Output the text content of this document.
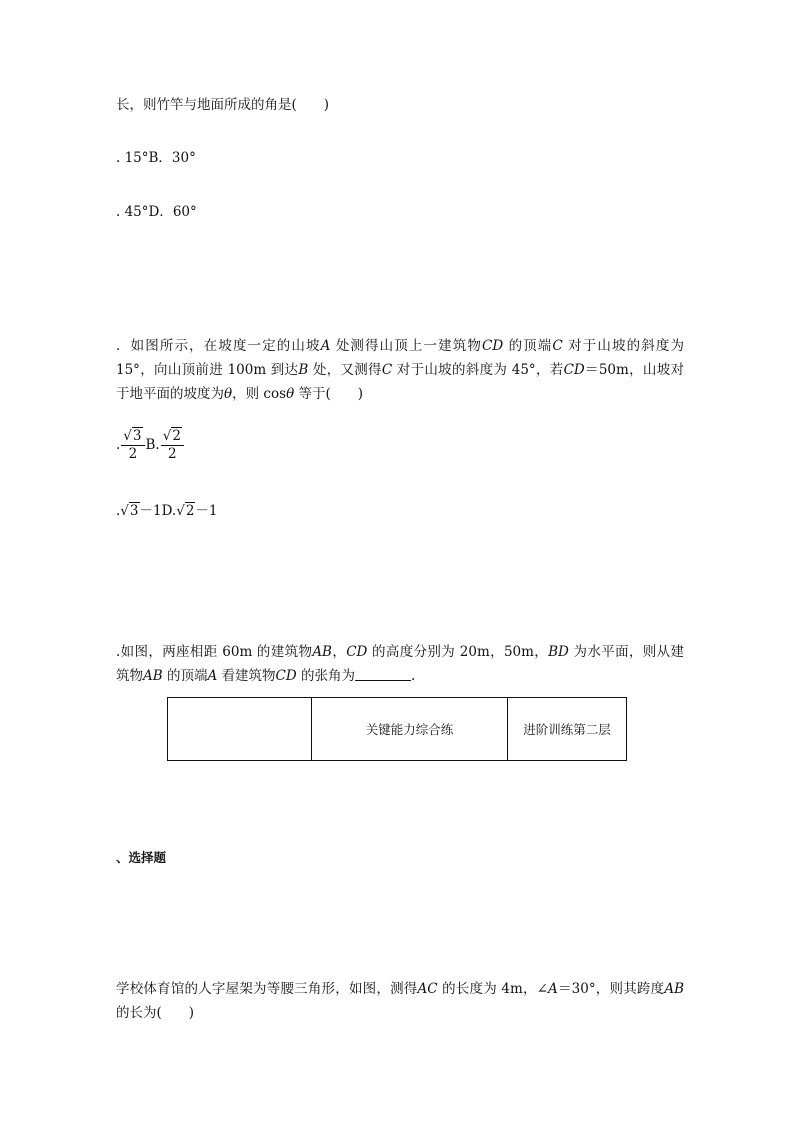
长，则竹竿与地面所成的角是(　　)
. 15°B．30°
. 45°D．60°
．如图所示，在坡度一定的山坡A 处测得山顶上一建筑物CD 的顶端C 对于山坡的斜度为 15°，向山顶前进 100m 到达B 处，又测得C 对于山坡的斜度为 45°，若CD＝50m，山坡对于地平面的坡度为θ，则 cosθ 等于(　　)
. $\frac{√3}{2} B$. $\frac{√2}{2}$
.√3－1D.√2－1
.如图，两座相距 60m 的建筑物AB，CD 的高度分别为 20m，50m，BD 为水平面，则从建筑物AB 的顶端A 看建筑物CD 的张角为	.
	关键能力综合练	进阶训练第二层
、选择题
学校体育馆的人字屋架为等腰三角形，如图，测得AC 的长度为 4m，∠A＝30°，则其跨度AB 的长为(　　)
